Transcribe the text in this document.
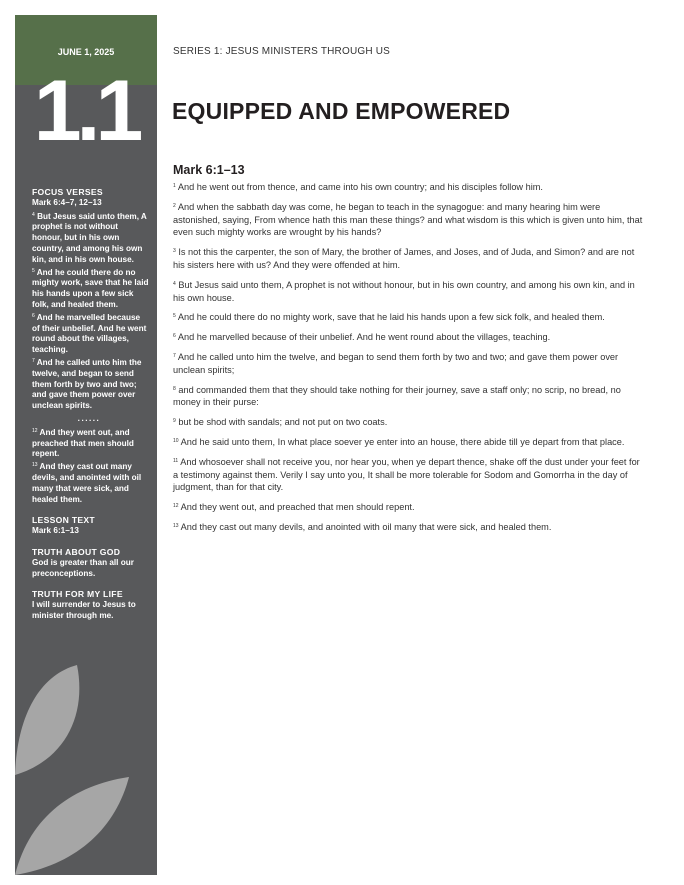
JUNE 1, 2025
1.1
FOCUS VERSES
Mark 6:4–7, 12–13
$^4$ But Jesus said unto them, A prophet is not without honour, but in his own country, and among his own kin, and in his own house.
$^5$ And he could there do no mighty work, save that he laid his hands upon a few sick folk, and healed them.
$^6$ And he marvelled because of their unbelief. And he went round about the villages, teaching.
$^7$ And he called unto him the twelve, and began to send them forth by two and two; and gave them power over unclean spirits.
......
$^{12}$ And they went out, and preached that men should repent.
$^{13}$ And they cast out many devils, and anointed with oil many that were sick, and healed them.
LESSON TEXT
Mark 6:1–13
TRUTH ABOUT GOD
God is greater than all our preconceptions.
TRUTH FOR MY LIFE
I will surrender to Jesus to minister through me.
SERIES 1: JESUS MINISTERS THROUGH US
EQUIPPED AND EMPOWERED
Mark 6:1–13
$^1$ And he went out from thence, and came into his own country; and his disciples follow him.
$^2$ And when the sabbath day was come, he began to teach in the synagogue: and many hearing him were astonished, saying, From whence hath this man these things? and what wisdom is this which is given unto him, that even such mighty works are wrought by his hands?
$^3$ Is not this the carpenter, the son of Mary, the brother of James, and Joses, and of Juda, and Simon? and are not his sisters here with us? And they were offended at him.
$^4$ But Jesus said unto them, A prophet is not without honour, but in his own country, and among his own kin, and in his own house.
$^5$ And he could there do no mighty work, save that he laid his hands upon a few sick folk, and healed them.
$^6$ And he marvelled because of their unbelief. And he went round about the villages, teaching.
$^7$ And he called unto him the twelve, and began to send them forth by two and two; and gave them power over unclean spirits;
$^8$ and commanded them that they should take nothing for their journey, save a staff only; no scrip, no bread, no money in their purse:
$^9$ but be shod with sandals; and not put on two coats.
$^{10}$ And he said unto them, In what place soever ye enter into an house, there abide till ye depart from that place.
$^{11}$ And whosoever shall not receive you, nor hear you, when ye depart thence, shake off the dust under your feet for a testimony against them. Verily I say unto you, It shall be more tolerable for Sodom and Gomorrha in the day of judgment, than for that city.
$^{12}$ And they went out, and preached that men should repent.
$^{13}$ And they cast out many devils, and anointed with oil many that were sick, and healed them.
